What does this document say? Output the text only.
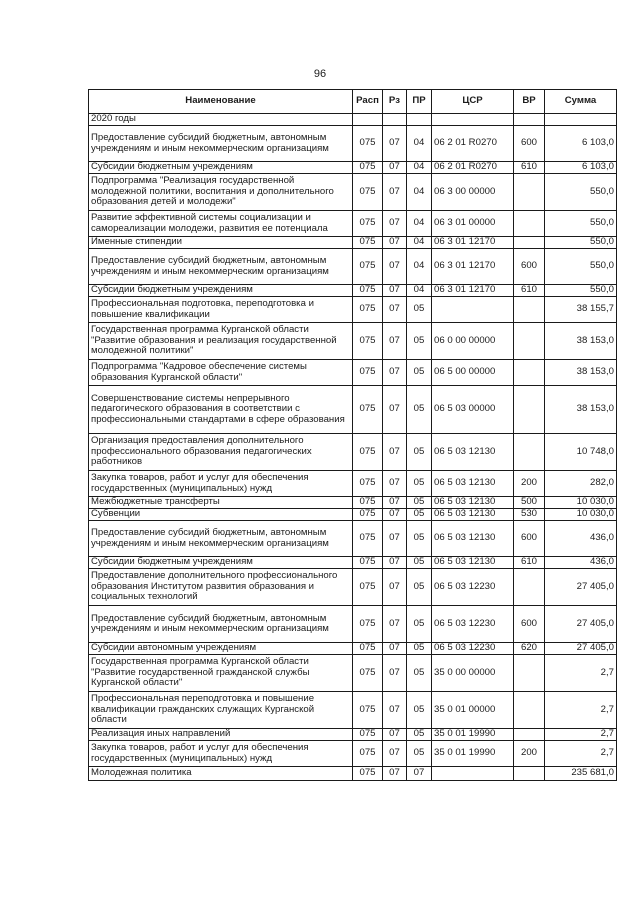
96
Наименование	Расп	Рз	ПР	ЦСР	ВР	Сумма
2020 годы						
Предоставление субсидий бюджетным, автономным учреждениям и иным некоммерческим организациям	075	07	04	06 2 01 R0270	600	6 103,0
Субсидии бюджетным учреждениям	075	07	04	06 2 01 R0270	610	6 103,0
Подпрограмма "Реализация государственной молодежной политики, воспитания и дополнительного образования детей и молодежи"	075	07	04	06 3 00 00000		550,0
Развитие эффективной системы социализации и самореализации молодежи, развития ее потенциала	075	07	04	06 3 01 00000		550,0
Именные стипендии	075	07	04	06 3 01 12170		550,0
Предоставление субсидий бюджетным, автономным учреждениям и иным некоммерческим организациям	075	07	04	06 3 01 12170	600	550,0
Субсидии бюджетным учреждениям	075	07	04	06 3 01 12170	610	550,0
Профессиональная подготовка, переподготовка и повышение квалификации	075	07	05			38 155,7
Государственная программа Курганской области "Развитие образования и реализация государственной молодежной политики"	075	07	05	06 0 00 00000		38 153,0
Подпрограмма "Кадровое обеспечение системы образования Курганской области"	075	07	05	06 5 00 00000		38 153,0
Совершенствование системы непрерывного педагогического образования в соответствии с профессиональными стандартами в сфере образования	075	07	05	06 5 03 00000		38 153,0
Организация предоставления дополнительного профессионального образования педагогических работников	075	07	05	06 5 03 12130		10 748,0
Закупка товаров, работ и услуг для обеспечения государственных (муниципальных) нужд	075	07	05	06 5 03 12130	200	282,0
Межбюджетные трансферты	075	07	05	06 5 03 12130	500	10 030,0
Субвенции	075	07	05	06 5 03 12130	530	10 030,0
Предоставление субсидий бюджетным, автономным учреждениям и иным некоммерческим организациям	075	07	05	06 5 03 12130	600	436,0
Субсидии бюджетным учреждениям	075	07	05	06 5 03 12130	610	436,0
Предоставление дополнительного профессионального образования Институтом развития образования и социальных технологий	075	07	05	06 5 03 12230		27 405,0
Предоставление субсидий бюджетным, автономным учреждениям и иным некоммерческим организациям	075	07	05	06 5 03 12230	600	27 405,0
Субсидии автономным учреждениям	075	07	05	06 5 03 12230	620	27 405,0
Государственная программа Курганской области "Развитие государственной гражданской службы Курганской области"	075	07	05	35 0 00 00000		2,7
Профессиональная переподготовка и повышение квалификации гражданских служащих Курганской области	075	07	05	35 0 01 00000		2,7
Реализация иных направлений	075	07	05	35 0 01 19990		2,7
Закупка товаров, работ и услуг для обеспечения государственных (муниципальных) нужд	075	07	05	35 0 01 19990	200	2,7
Молодежная политика	075	07	07			235 681,0
